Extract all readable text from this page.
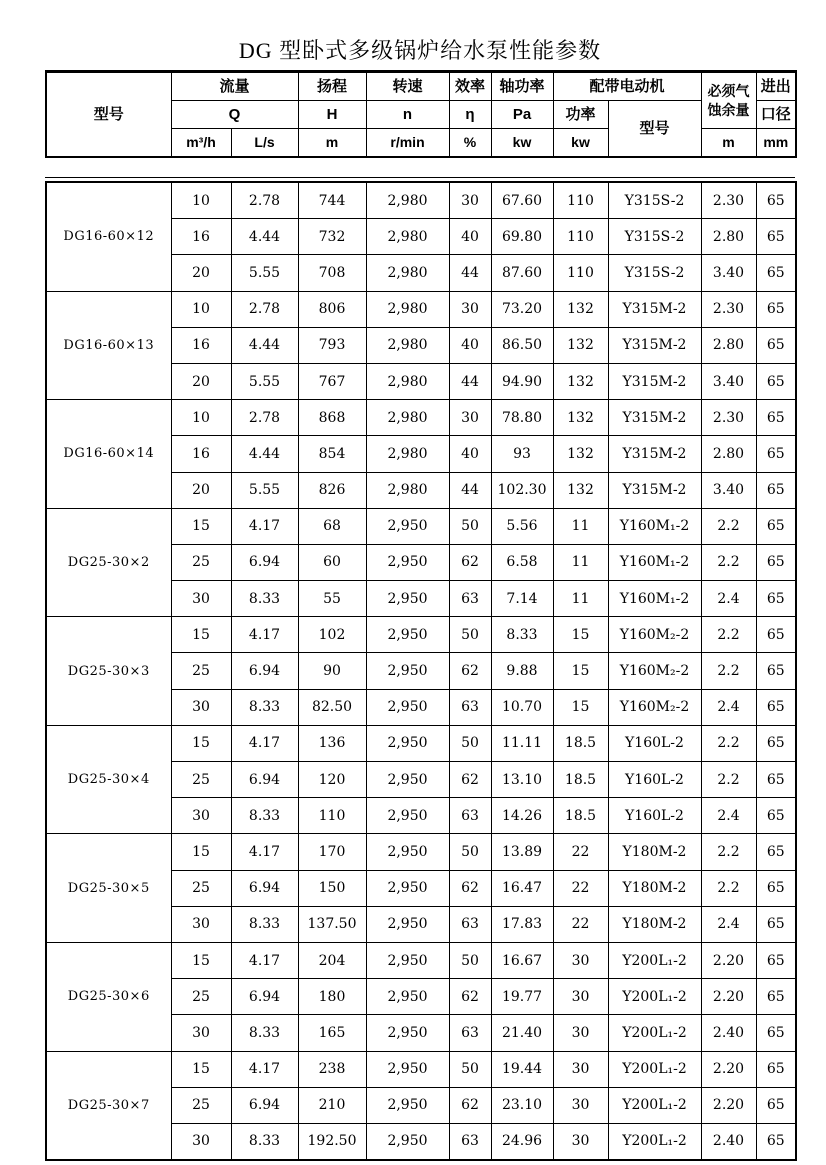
DG 型卧式多级锅炉给水泵性能参数
型号	流量		扬程	转速	效率	轴功率	配带电动机		必须气蚀余量	进出
	Q		H	n	η	Pa	功率	型号		口径
	m³/h	L/s	m	r/min	%	kw	kw		m	mm
DG16-60×12	10	2.78	744	2,980	30	67.60	110	Y315S-2	2.30	65
	16	4.44	732	2,980	40	69.80	110	Y315S-2	2.80	65
	20	5.55	708	2,980	44	87.60	110	Y315S-2	3.40	65
DG16-60×13	10	2.78	806	2,980	30	73.20	132	Y315M-2	2.30	65
	16	4.44	793	2,980	40	86.50	132	Y315M-2	2.80	65
	20	5.55	767	2,980	44	94.90	132	Y315M-2	3.40	65
DG16-60×14	10	2.78	868	2,980	30	78.80	132	Y315M-2	2.30	65
	16	4.44	854	2,980	40	93	132	Y315M-2	2.80	65
	20	5.55	826	2,980	44	102.30	132	Y315M-2	3.40	65
DG25-30×2	15	4.17	68	2,950	50	5.56	11	Y160M₁-2	2.2	65
	25	6.94	60	2,950	62	6.58	11	Y160M₁-2	2.2	65
	30	8.33	55	2,950	63	7.14	11	Y160M₁-2	2.4	65
DG25-30×3	15	4.17	102	2,950	50	8.33	15	Y160M₂-2	2.2	65
	25	6.94	90	2,950	62	9.88	15	Y160M₂-2	2.2	65
	30	8.33	82.50	2,950	63	10.70	15	Y160M₂-2	2.4	65
DG25-30×4	15	4.17	136	2,950	50	11.11	18.5	Y160L-2	2.2	65
	25	6.94	120	2,950	62	13.10	18.5	Y160L-2	2.2	65
	30	8.33	110	2,950	63	14.26	18.5	Y160L-2	2.4	65
DG25-30×5	15	4.17	170	2,950	50	13.89	22	Y180M-2	2.2	65
	25	6.94	150	2,950	62	16.47	22	Y180M-2	2.2	65
	30	8.33	137.50	2,950	63	17.83	22	Y180M-2	2.4	65
DG25-30×6	15	4.17	204	2,950	50	16.67	30	Y200L₁-2	2.20	65
	25	6.94	180	2,950	62	19.77	30	Y200L₁-2	2.20	65
	30	8.33	165	2,950	63	21.40	30	Y200L₁-2	2.40	65
DG25-30×7	15	4.17	238	2,950	50	19.44	30	Y200L₁-2	2.20	65
	25	6.94	210	2,950	62	23.10	30	Y200L₁-2	2.20	65
	30	8.33	192.50	2,950	63	24.96	30	Y200L₁-2	2.40	65
